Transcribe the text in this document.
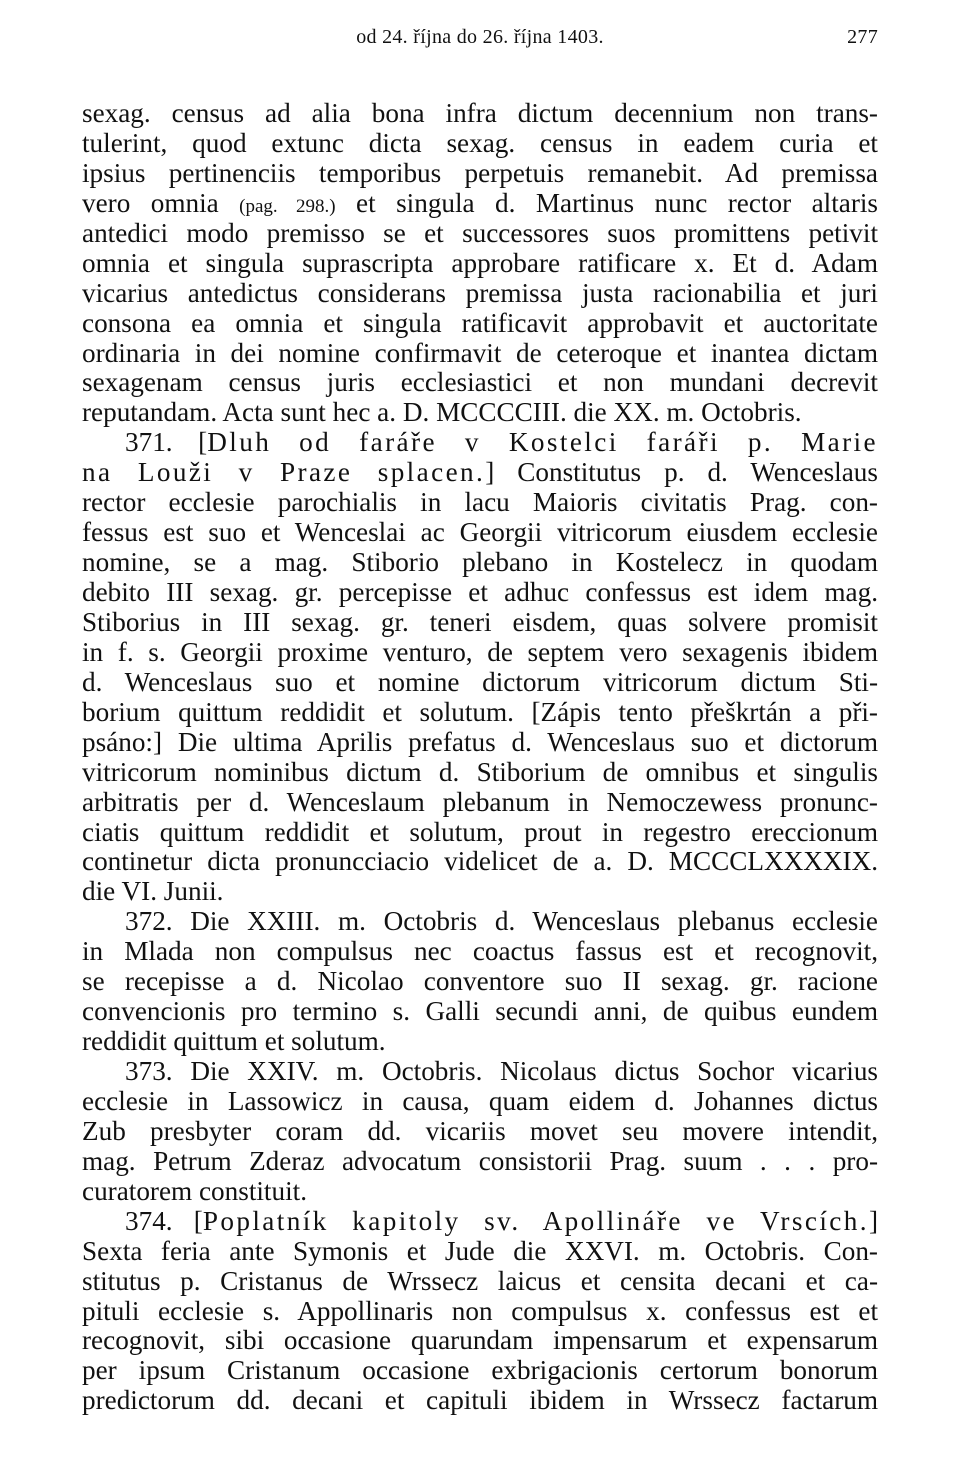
od 24. října do 26. října 1403.	277
sexag. census ad alia bona infra dictum decennium non trans-
tulerint, quod extunc dicta sexag. census in eadem curia et
ipsius pertinenciis temporibus perpetuis remanebit. Ad premissa
vero omnia (pag. 298.) et singula d. Martinus nunc rector altaris
antedici modo premisso se et successores suos promittens petivit
omnia et singula suprascripta approbare ratificare x. Et d. Adam
vicarius antedictus considerans premissa justa racionabilia et juri
consona ea omnia et singula ratificavit approbavit et auctoritate
ordinaria in dei nomine confirmavit de ceteroque et inantea dictam
sexagenam census juris ecclesiastici et non mundani decrevit
reputandam. Acta sunt hec a. D. MCCCCIII. die XX. m. Octobris.
371. [Dluh od faráře v Kostelci faráři p. Marie
na Louži v Praze splacen.] Constitutus p. d. Wenceslaus
rector ecclesie parochialis in lacu Maioris civitatis Prag. con-
fessus est suo et Wenceslai ac Georgii vitricorum eiusdem ecclesie
nomine, se a mag. Stiborio plebano in Kostelecz in quodam
debito III sexag. gr. percepisse et adhuc confessus est idem mag.
Stiborius in III sexag. gr. teneri eisdem, quas solvere promisit
in f. s. Georgii proxime venturo, de septem vero sexagenis ibidem
d. Wenceslaus suo et nomine dictorum vitricorum dictum Sti-
borium quittum reddidit et solutum. [Zápis tento přeškrtán a při-
psáno:] Die ultima Aprilis prefatus d. Wenceslaus suo et dictorum
vitricorum nominibus dictum d. Stiborium de omnibus et singulis
arbitratis per d. Wenceslaum plebanum in Nemoczewess pronunc-
ciatis quittum reddidit et solutum, prout in regestro ereccionum
continetur dicta pronuncciacio videlicet de a. D. MCCCLXXXXIX.
die VI. Junii.
372. Die XXIII. m. Octobris d. Wenceslaus plebanus ecclesie
in Mlada non compulsus nec coactus fassus est et recognovit,
se recepisse a d. Nicolao conventore suo II sexag. gr. racione
convencionis pro termino s. Galli secundi anni, de quibus eundem
reddidit quittum et solutum.
373. Die XXIV. m. Octobris. Nicolaus dictus Sochor vicarius
ecclesie in Lassowicz in causa, quam eidem d. Johannes dictus
Zub presbyter coram dd. vicariis movet seu movere intendit,
mag. Petrum Zderaz advocatum consistorii Prag. suum . . . pro-
curatorem constituit.
374. [Poplatník kapitoly sv. Apollináře ve Vrscích.]
Sexta feria ante Symonis et Jude die XXVI. m. Octobris. Con-
stitutus p. Cristanus de Wrssecz laicus et censita decani et ca-
pituli ecclesie s. Appollinaris non compulsus x. confessus est et
recognovit, sibi occasione quarundam impensarum et expensarum
per ipsum Cristanum occasione exbrigacionis certorum bonorum
predictorum dd. decani et capituli ibidem in Wrssecz factarum
